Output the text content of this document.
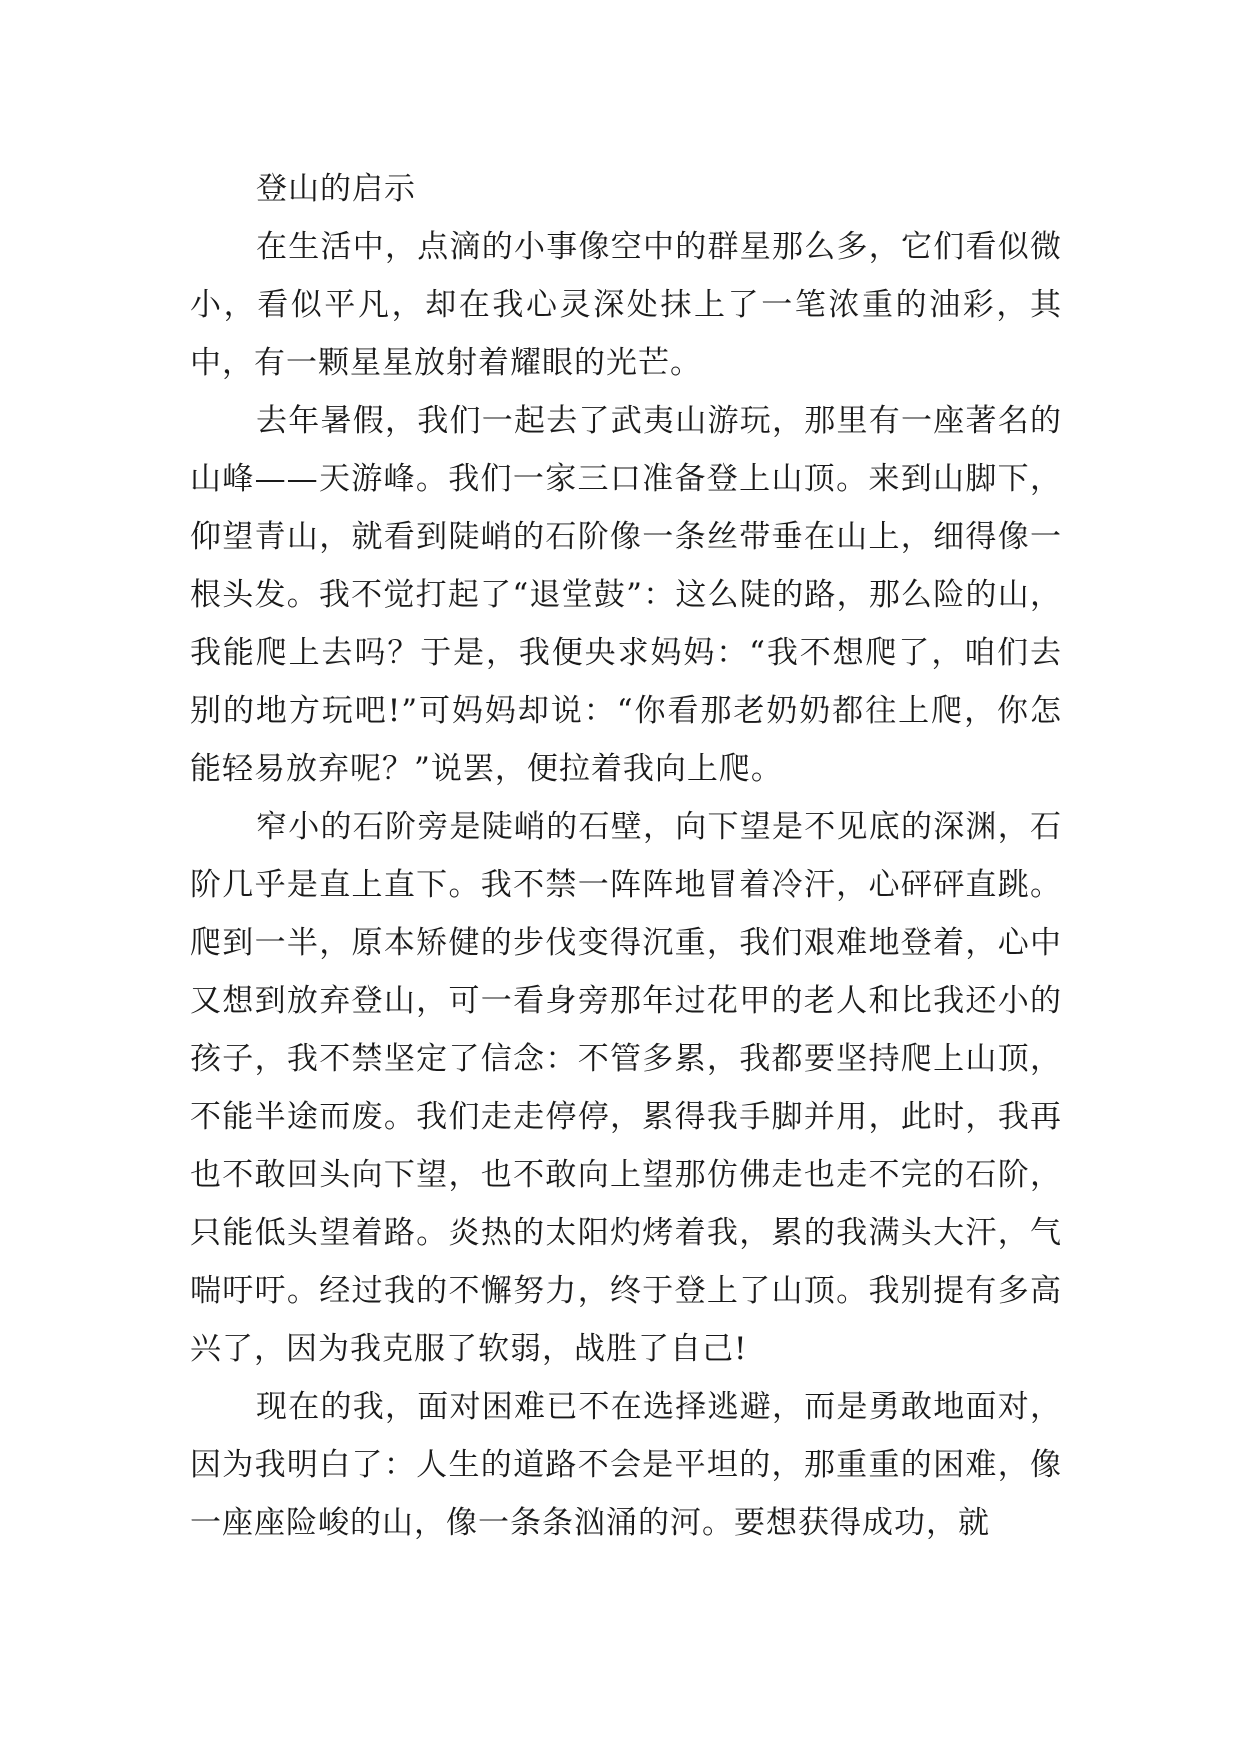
登山的启示

在生活中，点滴的小事像空中的群星那么多，它们看似微小，看似平凡，却在我心灵深处抹上了一笔浓重的油彩，其中，有一颗星星放射着耀眼的光芒。

去年暑假，我们一起去了武夷山游玩，那里有一座著名的山峰——天游峰。我们一家三口准备登上山顶。来到山脚下，仰望青山，就看到陡峭的石阶像一条丝带垂在山上，细得像一根头发。我不觉打起了“退堂鼓”：这么陡的路，那么险的山，我能爬上去吗？于是，我便央求妈妈：“我不想爬了，咱们去别的地方玩吧!”可妈妈却说：“你看那老奶奶都往上爬，你怎能轻易放弃呢？”说罢，便拉着我向上爬。

窄小的石阶旁是陡峭的石壁，向下望是不见底的深渊，石阶几乎是直上直下。我不禁一阵阵地冒着冷汗，心砰砰直跳。爬到一半，原本矫健的步伐变得沉重，我们艰难地登着，心中又想到放弃登山，可一看身旁那年过花甲的老人和比我还小的孩子，我不禁坚定了信念：不管多累，我都要坚持爬上山顶，不能半途而废。我们走走停停，累得我手脚并用，此时，我再也不敢回头向下望，也不敢向上望那仿佛走也走不完的石阶，只能低头望着路。炎热的太阳灼烤着我，累的我满头大汗，气喘吁吁。经过我的不懈努力，终于登上了山顶。我别提有多高兴了，因为我克服了软弱，战胜了自己!

现在的我，面对困难已不在选择逃避，而是勇敢地面对，因为我明白了：人生的道路不会是平坦的，那重重的困难，像一座座险峻的山，像一条条汹涌的河。要想获得成功，就
